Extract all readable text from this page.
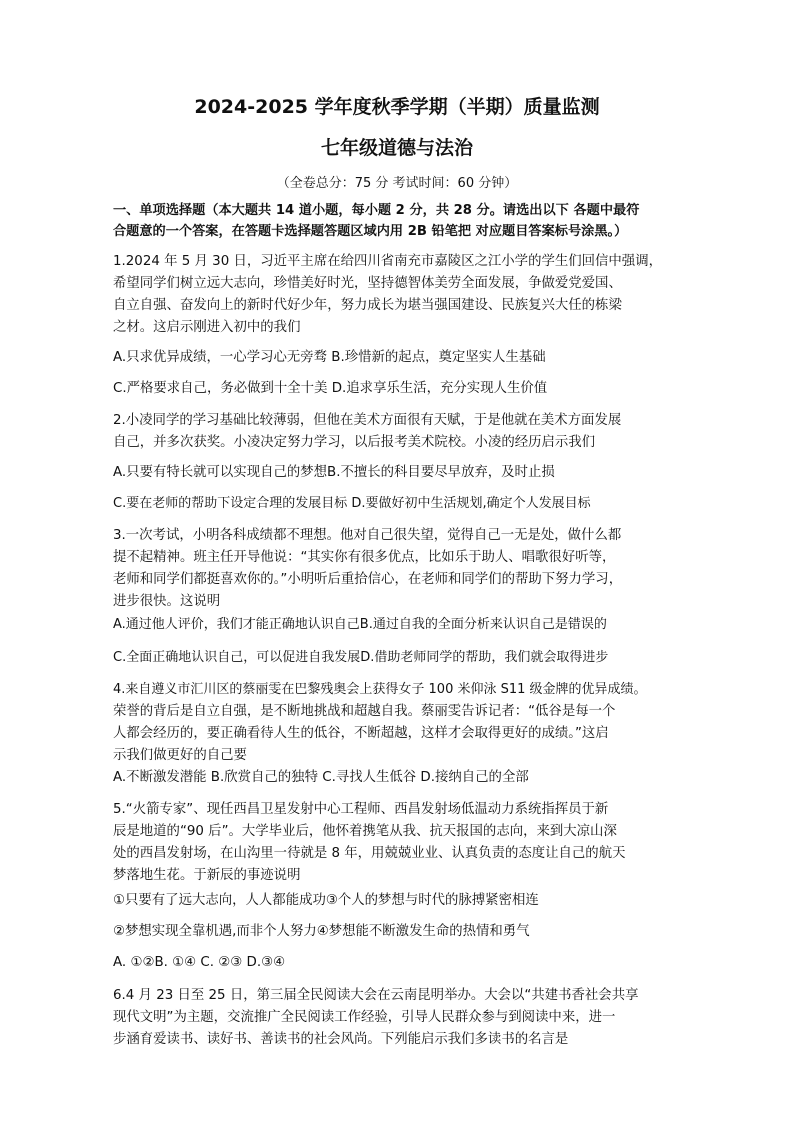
2024-2025 学年度秋季学期（半期）质量监测
七年级道德与法治
（全卷总分：75 分 考试时间：60 分钟）
一、单项选择题（本大题共 14 道小题，每小题 2 分，共 28 分。请选出以下 各题中最符
合题意的一个答案，在答题卡选择题答题区域内用 2B 铅笔把 对应题目答案标号涂黑。）
1.2024 年 5 月 30 日，习近平主席在给四川省南充市嘉陵区之江小学的学生们回信中强调，
希望同学们树立远大志向，珍惜美好时光，坚持德智体美劳全面发展，争做爱党爱国、
自立自强、奋发向上的新时代好少年，努力成长为堪当强国建设、民族复兴大任的栋梁
之材。这启示刚进入初中的我们
A.只求优异成绩，一心学习心无旁骛 B.珍惜新的起点，奠定坚实人生基础
C.严格要求自己，务必做到十全十美 D.追求享乐生活，充分实现人生价值
2.小凌同学的学习基础比较薄弱，但他在美术方面很有天赋，于是他就在美术方面发展
自己，并多次获奖。小凌决定努力学习，以后报考美术院校。小凌的经历启示我们
A.只要有特长就可以实现自己的梦想B.不擅长的科目要尽早放弃，及时止损
C.要在老师的帮助下设定合理的发展目标 D.要做好初中生活规划,确定个人发展目标
3.一次考试，小明各科成绩都不理想。他对自己很失望，觉得自己一无是处，做什么都
提不起精神。班主任开导他说：“其实你有很多优点，比如乐于助人、唱歌很好听等，
老师和同学们都挺喜欢你的。”小明听后重拾信心，在老师和同学们的帮助下努力学习，
进步很快。这说明
A.通过他人评价，我们才能正确地认识自己B.通过自我的全面分析来认识自己是错误的
C.全面正确地认识自己，可以促进自我发展D.借助老师同学的帮助，我们就会取得进步
4.来自遵义市汇川区的蔡丽雯在巴黎残奥会上获得女子 100 米仰泳 S11 级金牌的优异成绩。
荣誉的背后是自立自强，是不断地挑战和超越自我。蔡丽雯告诉记者：“低谷是每一个
人都会经历的，要正确看待人生的低谷，不断超越，这样才会取得更好的成绩。”这启
示我们做更好的自己要
A.不断激发潜能 B.欣赏自己的独特 C.寻找人生低谷 D.接纳自己的全部
5.“火箭专家”、现任西昌卫星发射中心工程师、西昌发射场低温动力系统指挥员于新
辰是地道的“90 后”。大学毕业后，他怀着携笔从我、抗天报国的志向，来到大凉山深
处的西昌发射场，在山沟里一待就是 8 年，用兢兢业业、认真负责的态度让自己的航天
梦落地生花。于新辰的事迹说明
①只要有了远大志向，人人都能成功③个人的梦想与时代的脉搏紧密相连
②梦想实现全靠机遇,而非个人努力④梦想能不断激发生命的热情和勇气
A. ①②B. ①④ C. ②③ D.③④
6.4 月 23 日至 25 日，第三届全民阅读大会在云南昆明举办。大会以“共建书香社会共享
现代文明”为主题，交流推广全民阅读工作经验，引导人民群众参与到阅读中来，进一
步涵育爱读书、读好书、善读书的社会风尚。下列能启示我们多读书的名言是
